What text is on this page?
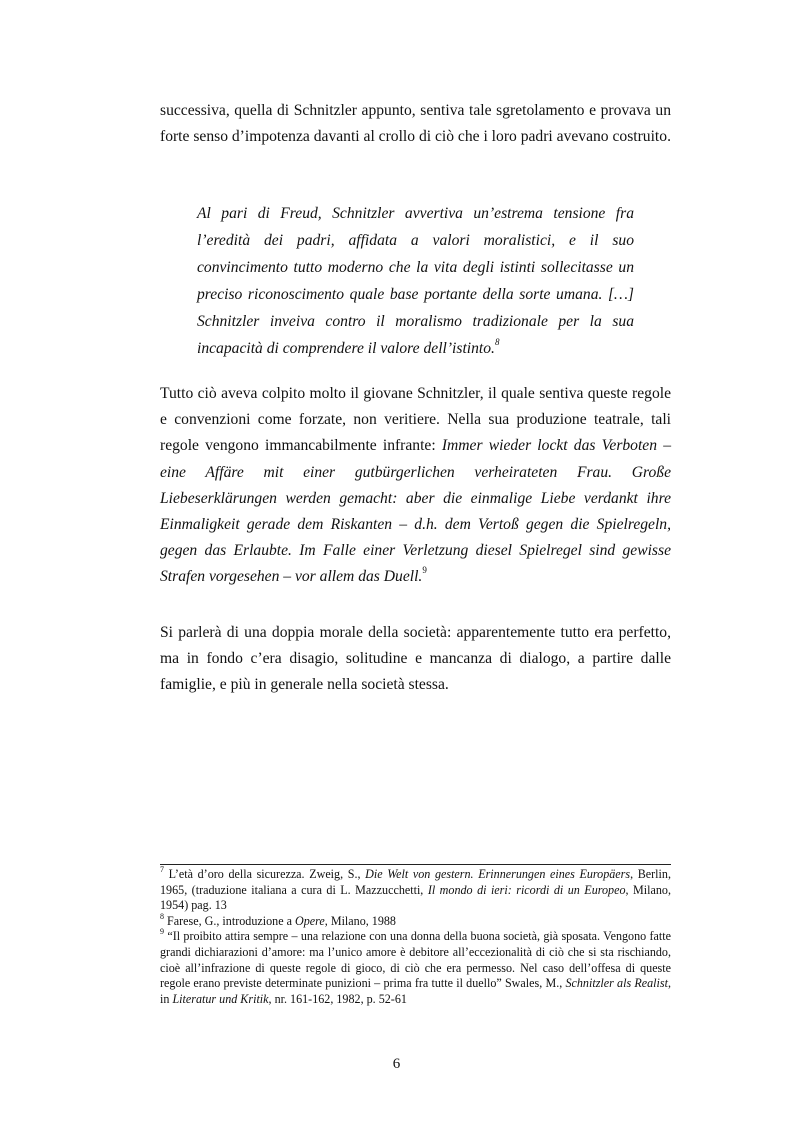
successiva, quella di Schnitzler appunto, sentiva tale sgretolamento e provava un forte senso d’impotenza davanti al crollo di ciò che i loro padri avevano costruito.

Al pari di Freud, Schnitzler avvertiva un’estrema tensione fra l’eredità dei padri, affidata a valori moralistici, e il suo convincimento tutto moderno che la vita degli istinti sollecitasse un preciso riconoscimento quale base portante della sorte umana. […] Schnitzler inveiva contro il moralismo tradizionale per la sua incapacità di comprendere il valore dell’istinto.$^8$

Tutto ciò aveva colpito molto il giovane Schnitzler, il quale sentiva queste regole e convenzioni come forzate, non veritiere. Nella sua produzione teatrale, tali regole vengono immancabilmente infrante: Immer wieder lockt das Verboten – eine Affäre mit einer gutbürgerlichen verheirateten Frau. Große Liebeserklärungen werden gemacht: aber die einmalige Liebe verdankt ihre Einmaligkeit gerade dem Riskanten – d.h. dem Vertoß gegen die Spielregeln, gegen das Erlaubte. Im Falle einer Verletzung diesel Spielregel sind gewisse Strafen vorgesehen – vor allem das Duell.$^9$

Si parlerà di una doppia morale della società: apparentemente tutto era perfetto, ma in fondo c’era disagio, solitudine e mancanza di dialogo, a partire dalle famiglie, e più in generale nella società stessa.

$^7$ L’età d’oro della sicurezza. Zweig, S., Die Welt von gestern. Erinnerungen eines Europäers, Berlin, 1965, (traduzione italiana a cura di L. Mazzucchetti, Il mondo di ieri: ricordi di un Europeo, Milano, 1954) pag. 13

$^8$ Farese, G., introduzione a Opere, Milano, 1988

$^9$ “Il proibito attira sempre – una relazione con una donna della buona società, già sposata. Vengono fatte grandi dichiarazioni d’amore: ma l’unico amore è debitore all’eccezionalità di ciò che si sta rischiando, cioè all’infrazione di queste regole di gioco, di ciò che era permesso. Nel caso dell’offesa di queste regole erano previste determinate punizioni – prima fra tutte il duello” Swales, M., Schnitzler als Realist, in Literatur und Kritik, nr. 161-162, 1982, p. 52-61

6
